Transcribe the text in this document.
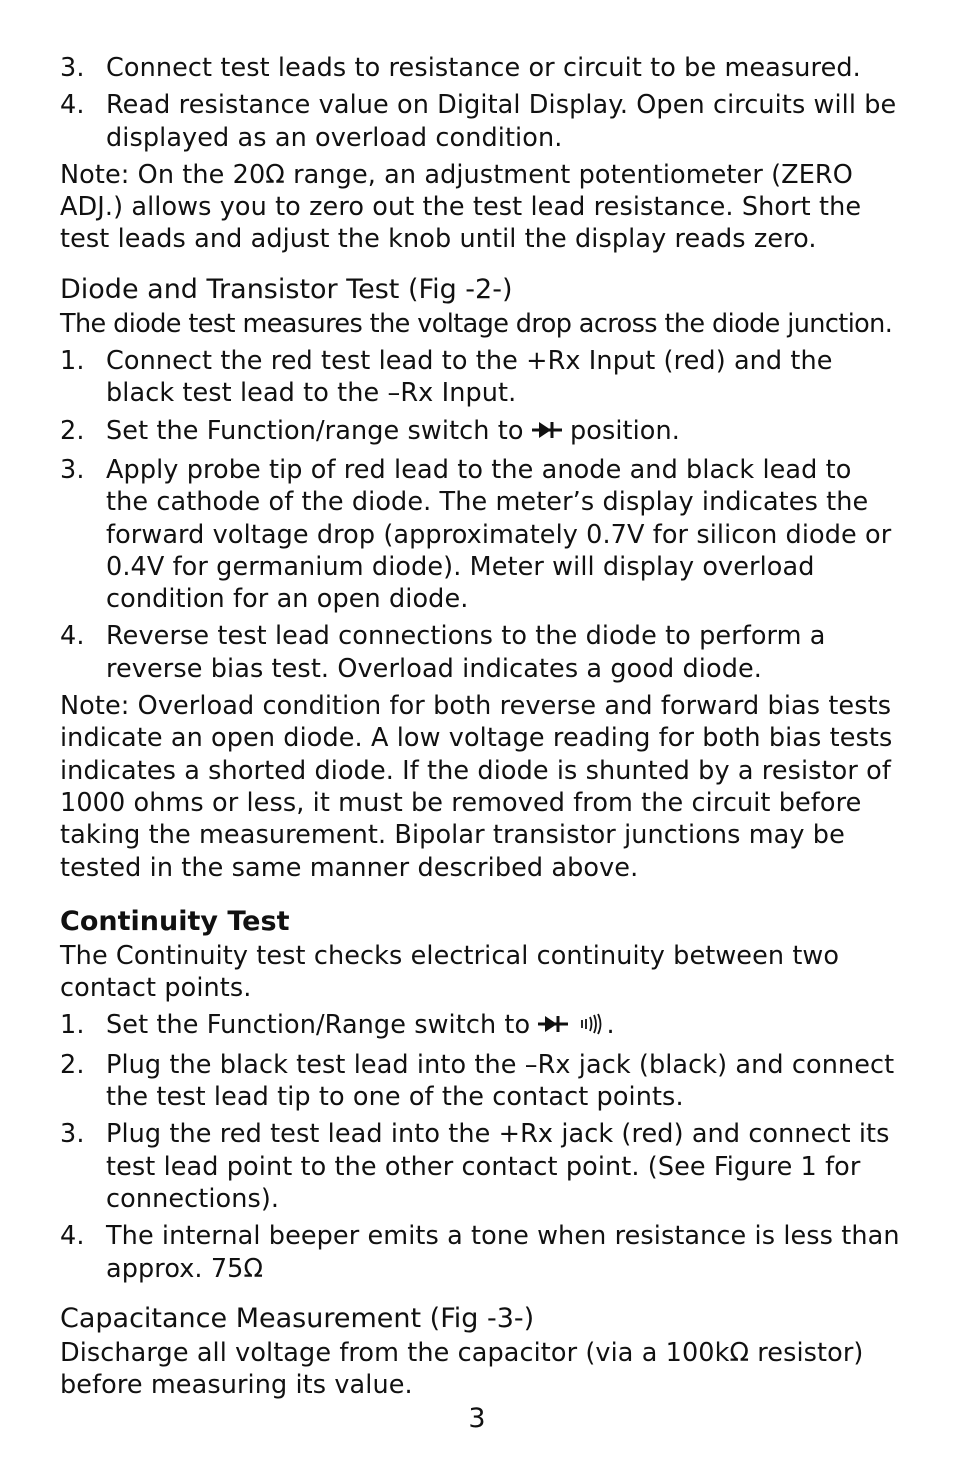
3. Connect test leads to resistance or circuit to be measured.
4. Read resistance value on Digital Display. Open circuits will be displayed as an overload condition.

Note: On the 20Ω range, an adjustment potentiometer (ZERO ADJ.) allows you to zero out the test lead resistance. Short the test leads and adjust the knob until the display reads zero.

Diode and Transistor Test (Fig -2-)

The diode test measures the voltage drop across the diode junction.

1. Connect the red test lead to the +Rx Input (red) and the black test lead to the –Rx Input.
2. Set the Function/range switch to  position.
3. Apply probe tip of red lead to the anode and black lead to the cathode of the diode. The meter’s display indicates the forward voltage drop (approximately 0.7V for silicon diode or 0.4V for germanium diode). Meter will display overload condition for an open diode.
4. Reverse test lead connections to the diode to perform a reverse bias test. Overload indicates a good diode.

Note: Overload condition for both reverse and forward bias tests indicate an open diode. A low voltage reading for both bias tests indicates a shorted diode. If the diode is shunted by a resistor of 1000 ohms or less, it must be removed from the circuit before taking the measurement. Bipolar transistor junctions may be tested in the same manner described above.

Continuity Test

The Continuity test checks electrical continuity between two contact points.

1. Set the Function/Range switch to	.
2. Plug the black test lead into the –Rx jack (black) and connect the test lead tip to one of the contact points.
3. Plug the red test lead into the +Rx jack (red) and connect its test lead point to the other contact point. (See Figure 1 for connections).
4. The internal beeper emits a tone when resistance is less than approx. 75Ω
Capacitance Measurement (Fig -3-)

Discharge all voltage from the capacitor (via a 100kΩ resistor) before measuring its value.

3
